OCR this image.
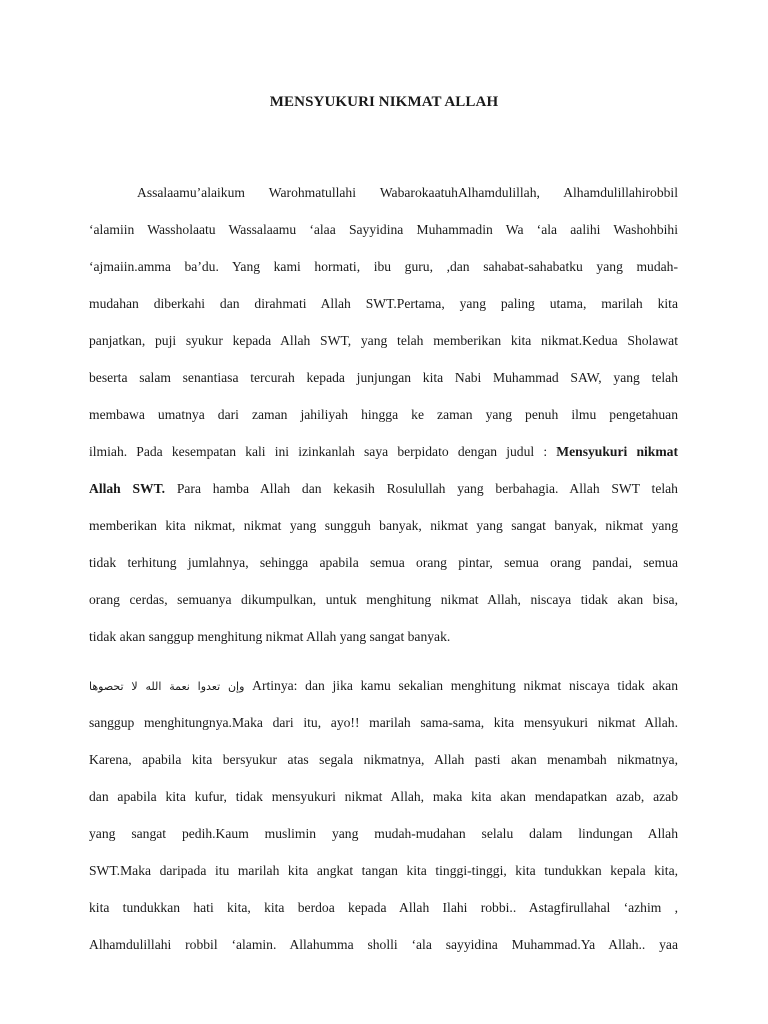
MENSYUKURI NIKMAT ALLAH
Assalaamu’alaikum Warohmatullahi WabarokaatuhAlhamdulillah, Alhamdulillahirobbil
‘alamiin Wassholaatu Wassalaamu ‘alaa Sayyidina Muhammadin Wa ‘ala aalihi Washohbihi
‘ajmaiin.amma ba’du. Yang kami hormati, ibu guru, ,dan sahabat-sahabatku yang mudah-
mudahan diberkahi dan dirahmati Allah SWT.Pertama, yang paling utama, marilah kita
panjatkan, puji syukur kepada Allah SWT, yang telah memberikan kita nikmat.Kedua Sholawat
beserta salam senantiasa tercurah kepada junjungan kita Nabi Muhammad SAW, yang telah
membawa umatnya dari zaman jahiliyah hingga ke zaman yang penuh ilmu pengetahuan
ilmiah. Pada kesempatan kali ini izinkanlah saya berpidato dengan judul : Mensyukuri nikmat
Allah SWT. Para hamba Allah dan kekasih Rosulullah yang berbahagia. Allah SWT telah
memberikan kita nikmat, nikmat yang sungguh banyak, nikmat yang sangat banyak, nikmat yang
tidak terhitung jumlahnya, sehingga apabila semua orang pintar, semua orang pandai, semua
orang cerdas, semuanya dikumpulkan, untuk menghitung nikmat Allah, niscaya tidak akan bisa,
tidak akan sanggup menghitung nikmat Allah yang sangat banyak.
وإن تعدوا نعمة الله لا تحصوها Artinya: dan jika kamu sekalian menghitung nikmat niscaya tidak akan
sanggup menghitungnya.Maka dari itu, ayo!! marilah sama-sama, kita mensyukuri nikmat Allah.
Karena, apabila kita bersyukur atas segala nikmatnya, Allah pasti akan menambah nikmatnya,
dan apabila kita kufur, tidak mensyukuri nikmat Allah, maka kita akan mendapatkan azab, azab
yang sangat pedih.Kaum muslimin yang mudah-mudahan selalu dalam lindungan Allah
SWT.Maka daripada itu marilah kita angkat tangan kita tinggi-tinggi, kita tundukkan kepala kita,
kita tundukkan hati kita, kita berdoa kepada Allah Ilahi robbi.. Astagfirullahal ‘azhim ,
Alhamdulillahi robbil ‘alamin. Allahumma sholli ‘ala sayyidina Muhammad.Ya Allah.. yaa
